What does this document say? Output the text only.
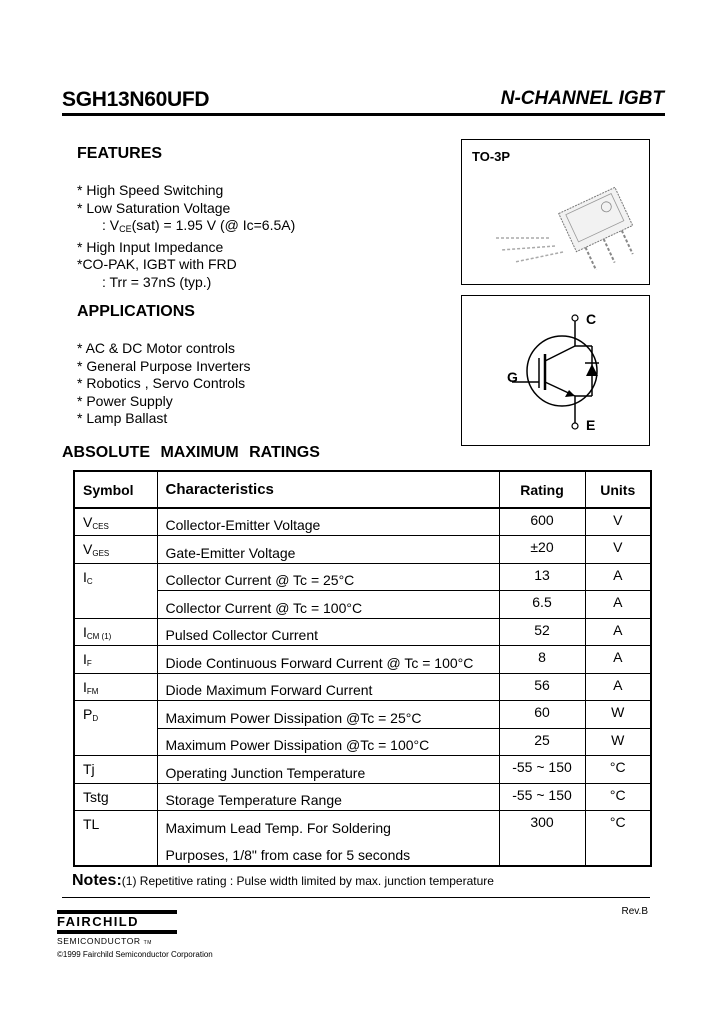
SGH13N60UFD	N-CHANNEL IGBT
FEATURES
* High Speed Switching
* Low Saturation Voltage
: $V_{CE}(sat) = 1.95$ V (@ Ic=6.5A)
* High Input Impedance
*CO-PAK, IGBT with FRD
: Trr = 37nS (typ.)
APPLICATIONS
* AC & DC Motor controls
* General Purpose Inverters
* Robotics , Servo Controls
* Power Supply
* Lamp Ballast
TO-3P
C
G
E
ABSOLUTE MAXIMUM RATINGS
Symbol	Characteristics	Rating	Units
$V_{CES}$	Collector-Emitter Voltage	600	V
$V_{GES}$	Gate-Emitter Voltage	±20	V
$I_C$	Collector Current @ Tc = 25°C	13	A
	Collector Current @ Tc = 100°C	6.5	A
$I_{CM (1)}$	Pulsed Collector Current	52	A
$I_F$	Diode Continuous Forward Current @ Tc = 100°C	8	A
$I_{FM}$	Diode Maximum Forward Current	56	A
$P_D$	Maximum Power Dissipation @Tc = 25°C	60	W
	Maximum Power Dissipation @Tc = 100°C	25	W
Tj	Operating Junction Temperature	-55 ~ 150	°C
Tstg	Storage Temperature Range	-55 ~ 150	°C
TL	Maximum Lead Temp. For Soldering	300	°C
	Purposes, 1/8" from case for 5 seconds		
Notes:(1) Repetitive rating : Pulse width limited by max. junction temperature
FAIRCHILD
SEMICONDUCTOR TM
Rev.B
©1999 Fairchild Semiconductor Corporation
